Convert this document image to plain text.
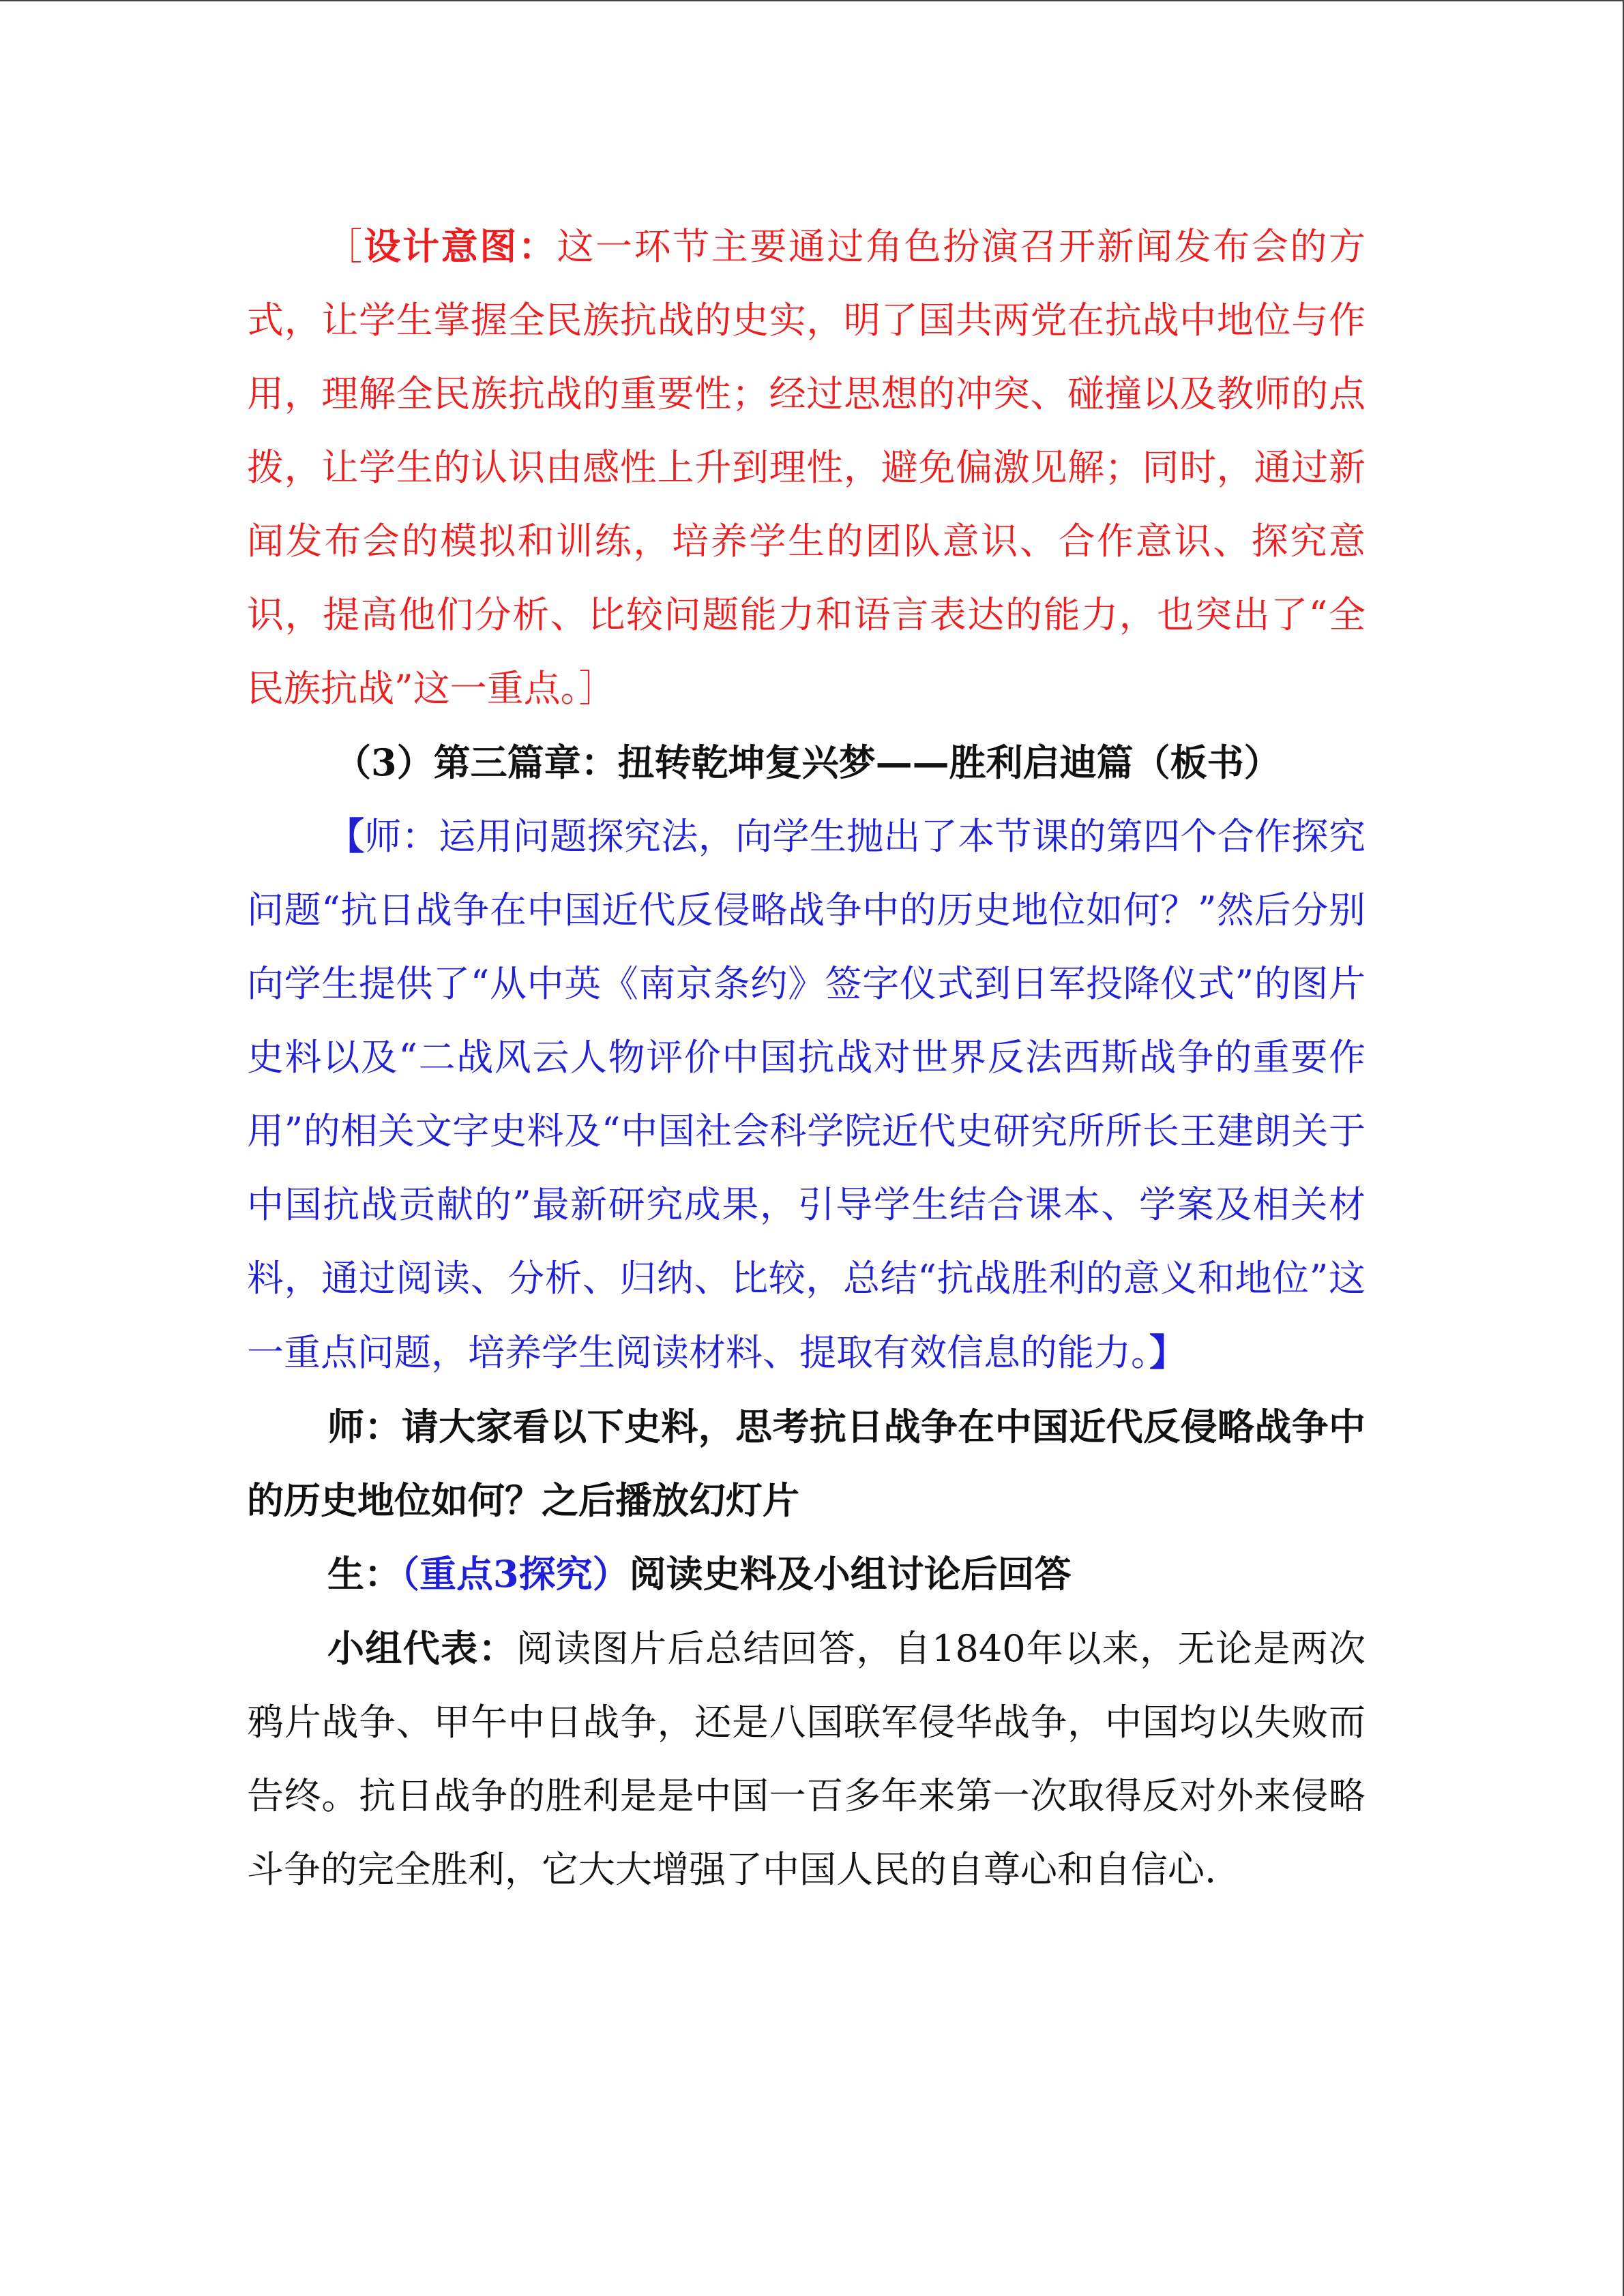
［设计意图：这一环节主要通过角色扮演召开新闻发布会的方式，让学生掌握全民族抗战的史实，明了国共两党在抗战中地位与作用，理解全民族抗战的重要性；经过思想的冲突、碰撞以及教师的点拨，让学生的认识由感性上升到理性，避免偏激见解；同时，通过新闻发布会的模拟和训练，培养学生的团队意识、合作意识、探究意识，提高他们分析、比较问题能力和语言表达的能力，也突出了“全民族抗战”这一重点。］

（3）第三篇章：扭转乾坤复兴梦——胜利启迪篇（板书）

【师：运用问题探究法，向学生抛出了本节课的第四个合作探究问题“抗日战争在中国近代反侵略战争中的历史地位如何？”然后分别向学生提供了“从中英《南京条约》签字仪式到日军投降仪式”的图片史料以及“二战风云人物评价中国抗战对世界反法西斯战争的重要作用”的相关文字史料及“中国社会科学院近代史研究所所长王建朗关于中国抗战贡献的”最新研究成果，引导学生结合课本、学案及相关材料，通过阅读、分析、归纳、比较，总结“抗战胜利的意义和地位”这一重点问题，培养学生阅读材料、提取有效信息的能力。】

师：请大家看以下史料，思考抗日战争在中国近代反侵略战争中的历史地位如何？之后播放幻灯片

生：（重点3探究）阅读史料及小组讨论后回答

小组代表：阅读图片后总结回答，自1840年以来，无论是两次鸦片战争、甲午中日战争，还是八国联军侵华战争，中国均以失败而告终。抗日战争的胜利是是中国一百多年来第一次取得反对外来侵略斗争的完全胜利，它大大增强了中国人民的自尊心和自信心.
